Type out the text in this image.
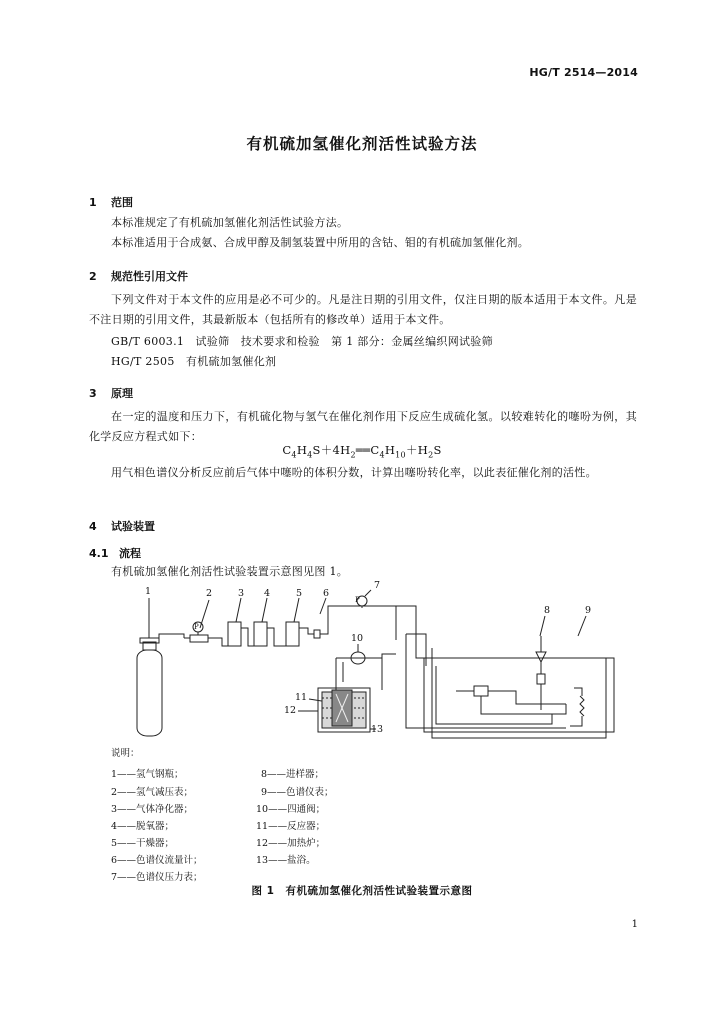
HG/T 2514—2014
有机硫加氢催化剂活性试验方法
1 范围
本标准规定了有机硫加氢催化剂活性试验方法。
本标准适用于合成氨、合成甲醇及制氢装置中所用的含钴、钼的有机硫加氢催化剂。
2 规范性引用文件
下列文件对于本文件的应用是必不可少的。凡是注日期的引用文件，仅注日期的版本适用于本文件。凡是不注日期的引用文件，其最新版本（包括所有的修改单）适用于本文件。
GB/T 6003.1　试验筛　技术要求和检验　第 1 部分：金属丝编织网试验筛
HG/T 2505　有机硫加氢催化剂
3 原理
在一定的温度和压力下，有机硫化物与氢气在催化剂作用下反应生成硫化氢。以较难转化的噻吩为例，其化学反应方程式如下：
$C_4H_4S+4H_2══C_4H_{10}+H_2S$
用气相色谱仪分析反应前后气体中噻吩的体积分数，计算出噻吩转化率，以此表征催化剂的活性。
4 试验装置
4.1 流程
有机硫加氢催化剂活性试验装置示意图见图 1。
1	2	3 4	5 6
7
8	9
10
11
12
13
P
P
说明：
1——氢气钢瓶；
2——氢气减压表；
3——气体净化器；
4——脱氧器；
5——干燥器；
6——色谱仪流量计；
7——色谱仪压力表；
8——进样器；
9——色谱仪表；
10——四通阀；
11——反应器；
12——加热炉；
13——盐浴。
图 1　有机硫加氢催化剂活性试验装置示意图
1
